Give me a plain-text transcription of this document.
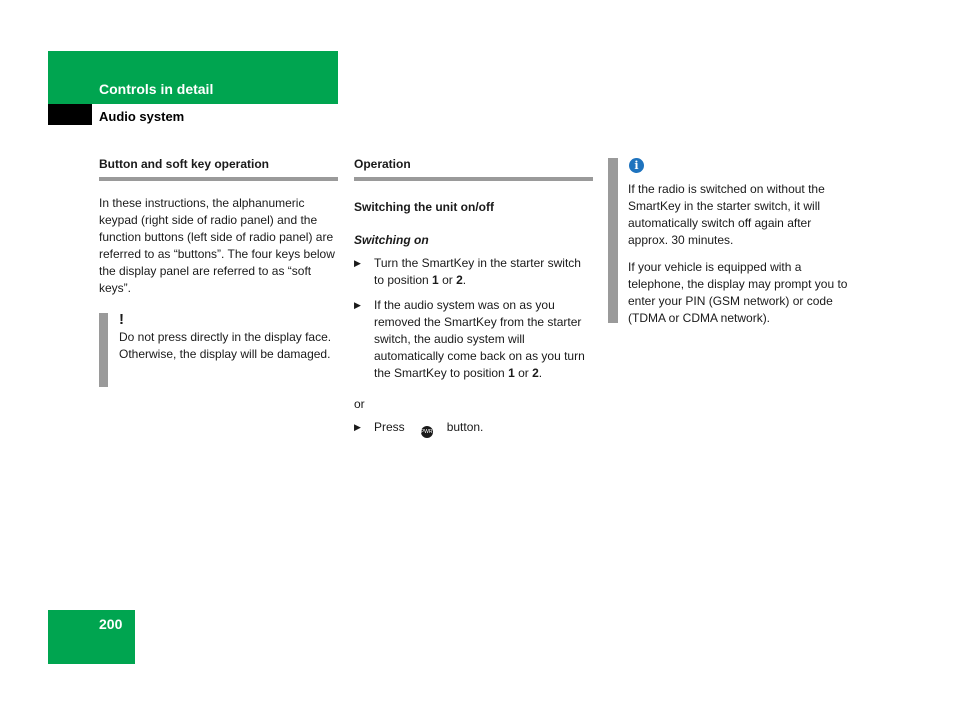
Controls in detail
Audio system
Button and soft key operation

In these instructions, the alphanumeric keypad (right side of radio panel) and the function buttons (left side of radio panel) are referred to as “buttons”. The four keys below the display panel are referred to as “soft keys”.

!
Do not press directly in the display face. Otherwise, the display will be damaged.
Operation
Switching the unit on/off
Switching on
▶ Turn the SmartKey in the starter switch to position 1 or 2.
▶ If the audio system was on as you removed the SmartKey from the starter switch, the audio system will automatically come back on as you turn the SmartKey to position 1 or 2.
or
▶ Press	PWR button.
i

If the radio is switched on without the SmartKey in the starter switch, it will automatically switch off again after approx. 30 minutes.

If your vehicle is equipped with a telephone, the display may prompt you to enter your PIN (GSM network) or code (TDMA or CDMA network).

200
